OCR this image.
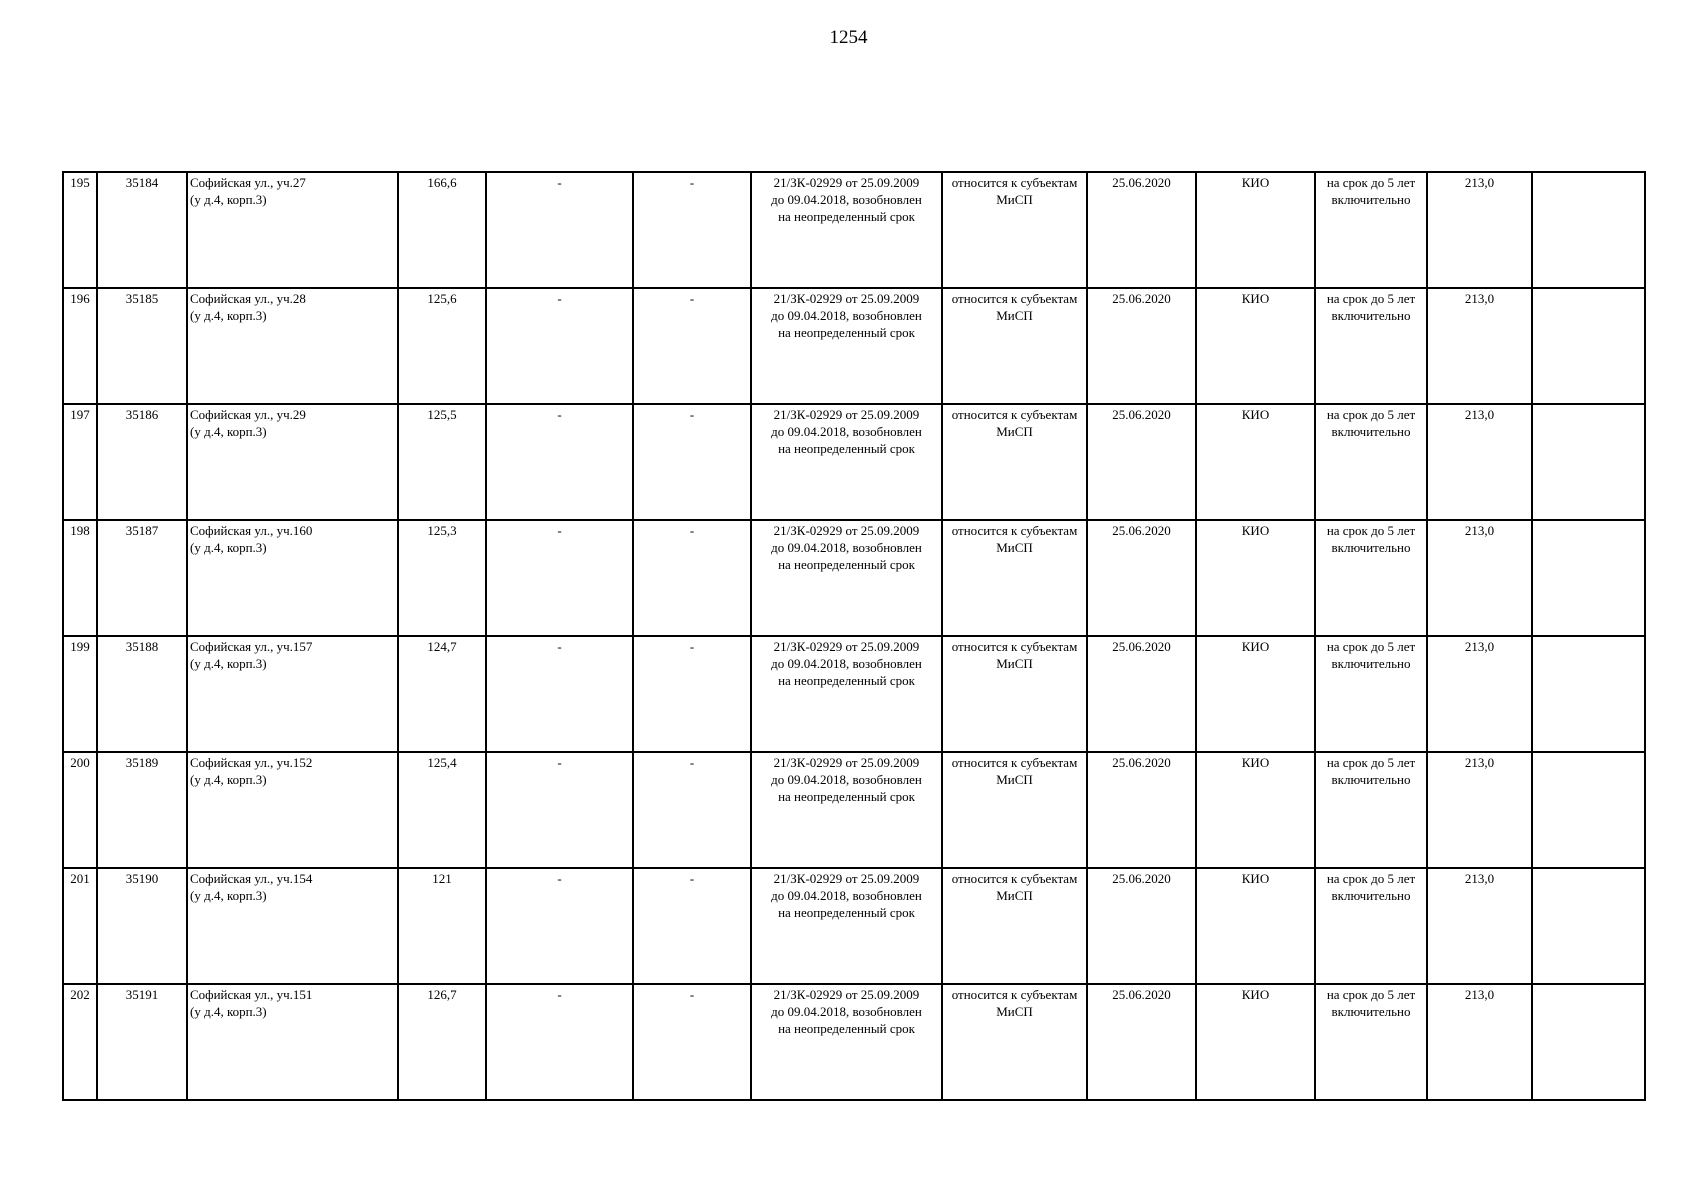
1254
195	35184	Софийская ул., уч.27
(у д.4, корп.3)	166,6	-	-	21/ЗК-02929 от 25.09.2009
до 09.04.2018, возобновлен
на неопределенный срок	относится к субъектам
МиСП	25.06.2020	КИО	на срок до 5 лет
включительно	213,0	
196	35185	Софийская ул., уч.28
(у д.4, корп.3)	125,6	-	-	21/ЗК-02929 от 25.09.2009
до 09.04.2018, возобновлен
на неопределенный срок	относится к субъектам
МиСП	25.06.2020	КИО	на срок до 5 лет
включительно	213,0	
197	35186	Софийская ул., уч.29
(у д.4, корп.3)	125,5	-	-	21/ЗК-02929 от 25.09.2009
до 09.04.2018, возобновлен
на неопределенный срок	относится к субъектам
МиСП	25.06.2020	КИО	на срок до 5 лет
включительно	213,0	
198	35187	Софийская ул., уч.160
(у д.4, корп.3)	125,3	-	-	21/ЗК-02929 от 25.09.2009
до 09.04.2018, возобновлен
на неопределенный срок	относится к субъектам
МиСП	25.06.2020	КИО	на срок до 5 лет
включительно	213,0	
199	35188	Софийская ул., уч.157
(у д.4, корп.3)	124,7	-	-	21/ЗК-02929 от 25.09.2009
до 09.04.2018, возобновлен
на неопределенный срок	относится к субъектам
МиСП	25.06.2020	КИО	на срок до 5 лет
включительно	213,0	
200	35189	Софийская ул., уч.152
(у д.4, корп.3)	125,4	-	-	21/ЗК-02929 от 25.09.2009
до 09.04.2018, возобновлен
на неопределенный срок	относится к субъектам
МиСП	25.06.2020	КИО	на срок до 5 лет
включительно	213,0	
201	35190	Софийская ул., уч.154
(у д.4, корп.3)	121	-	-	21/ЗК-02929 от 25.09.2009
до 09.04.2018, возобновлен
на неопределенный срок	относится к субъектам
МиСП	25.06.2020	КИО	на срок до 5 лет
включительно	213,0	
202	35191	Софийская ул., уч.151
(у д.4, корп.3)	126,7	-	-	21/ЗК-02929 от 25.09.2009
до 09.04.2018, возобновлен
на неопределенный срок	относится к субъектам
МиСП	25.06.2020	КИО	на срок до 5 лет
включительно	213,0	
